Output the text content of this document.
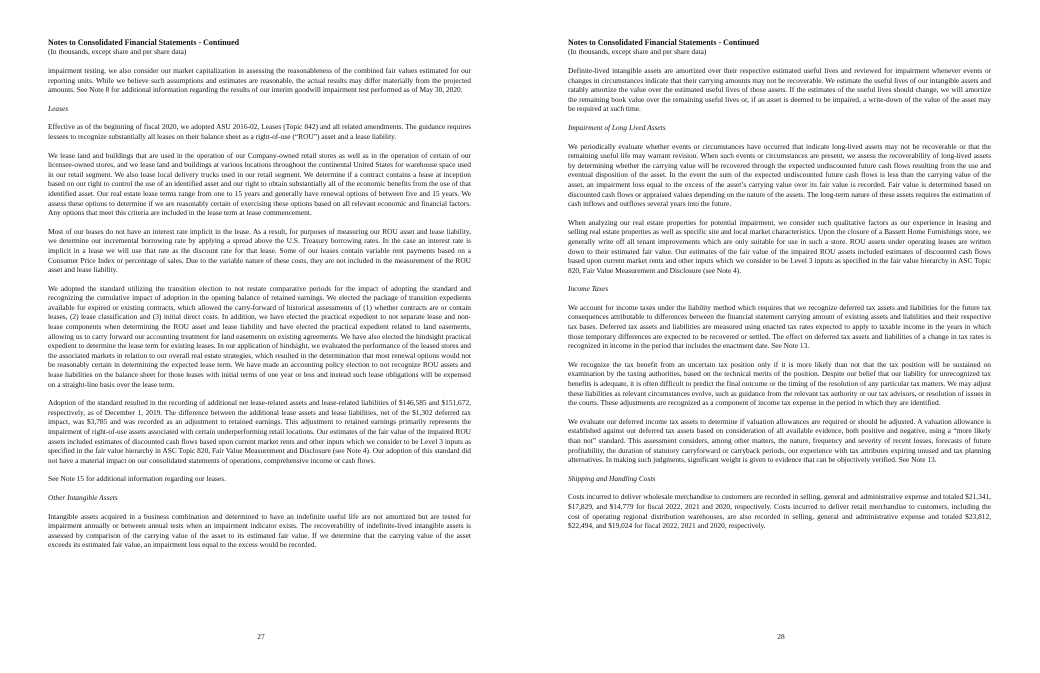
Notes to Consolidated Financial Statements - Continued

(In thousands, except share and per share data)

impairment testing, we also consider our market capitalization in assessing the reasonableness of the combined fair values estimated for our reporting units. While we believe such assumptions and estimates are reasonable, the actual results may differ materially from the projected amounts. See Note 8 for additional information regarding the results of our interim goodwill impairment test performed as of May 30, 2020.

Leases

Effective as of the beginning of fiscal 2020, we adopted ASU 2016-02, Leases (Topic 842) and all related amendments. The guidance requires lessees to recognize substantially all leases on their balance sheet as a right-of-use (“ROU”) asset and a lease liability.

We lease land and buildings that are used in the operation of our Company-owned retail stores as well as in the operation of certain of our licensee-owned stores, and we lease land and buildings at various locations throughout the continental United States for warehouse space used in our retail segment. We also lease local delivery trucks used in our retail segment. We determine if a contract contains a lease at inception based on our right to control the use of an identified asset and our right to obtain substantially all of the economic benefits from the use of that identified asset. Our real estate lease terms range from one to 15 years and generally have renewal options of between five and 15 years. We assess these options to determine if we are reasonably certain of exercising these options based on all relevant economic and financial factors. Any options that meet this criteria are included in the lease term at lease commencement.

Most of our leases do not have an interest rate implicit in the lease. As a result, for purposes of measuring our ROU asset and lease liability, we determine our incremental borrowing rate by applying a spread above the U.S. Treasury borrowing rates. In the case an interest rate is implicit in a lease we will use that rate as the discount rate for that lease. Some of our leases contain variable rent payments based on a Consumer Price Index or percentage of sales. Due to the variable nature of these costs, they are not included in the measurement of the ROU asset and lease liability.

We adopted the standard utilizing the transition election to not restate comparative periods for the impact of adopting the standard and recognizing the cumulative impact of adoption in the opening balance of retained earnings. We elected the package of transition expedients available for expired or existing contracts, which allowed the carry-forward of historical assessments of (1) whether contracts are or contain leases, (2) lease classification and (3) initial direct costs. In addition, we have elected the practical expedient to not separate lease and non-lease components when determining the ROU asset and lease liability and have elected the practical expedient related to land easements, allowing us to carry forward our accounting treatment for land easements on existing agreements. We have also elected the hindsight practical expedient to determine the lease term for existing leases. In our application of hindsight, we evaluated the performance of the leased stores and the associated markets in relation to our overall real estate strategies, which resulted in the determination that most renewal options would not be reasonably certain in determining the expected lease term. We have made an accounting policy election to not recognize ROU assets and lease liabilities on the balance sheet for those leases with initial terms of one year or less and instead such lease obligations will be expensed on a straight-line basis over the lease term.

Adoption of the standard resulted in the recording of additional net lease-related assets and lease-related liabilities of $146,585 and $151,672, respectively, as of December 1, 2019. The difference between the additional lease assets and lease liabilities, net of the $1,302 deferred tax impact, was $3,785 and was recorded as an adjustment to retained earnings. This adjustment to retained earnings primarily represents the impairment of right-of-use assets associated with certain underperforming retail locations. Our estimates of the fair value of the impaired ROU assets included estimates of discounted cash flows based upon current market rents and other inputs which we consider to be Level 3 inputs as specified in the fair value hierarchy in ASC Topic 820, Fair Value Measurement and Disclosure (see Note 4). Our adoption of this standard did not have a material impact on our consolidated statements of operations, comprehensive income or cash flows.

See Note 15 for additional information regarding our leases.

Other Intangible Assets

Intangible assets acquired in a business combination and determined to have an indefinite useful life are not amortized but are tested for impairment annually or between annual tests when an impairment indicator exists. The recoverability of indefinite-lived intangible assets is assessed by comparison of the carrying value of the asset to its estimated fair value. If we determine that the carrying value of the asset exceeds its estimated fair value, an impairment loss equal to the excess would be recorded.

27

Notes to Consolidated Financial Statements - Continued

(In thousands, except share and per share data)

Definite-lived intangible assets are amortized over their respective estimated useful lives and reviewed for impairment whenever events or changes in circumstances indicate that their carrying amounts may not be recoverable. We estimate the useful lives of our intangible assets and ratably amortize the value over the estimated useful lives of those assets. If the estimates of the useful lives should change, we will amortize the remaining book value over the remaining useful lives or, if an asset is deemed to be impaired, a write-down of the value of the asset may be required at such time.

Impairment of Long Lived Assets

We periodically evaluate whether events or circumstances have occurred that indicate long-lived assets may not be recoverable or that the remaining useful life may warrant revision. When such events or circumstances are present, we assess the recoverability of long-lived assets by determining whether the carrying value will be recovered through the expected undiscounted future cash flows resulting from the use and eventual disposition of the asset. In the event the sum of the expected undiscounted future cash flows is less than the carrying value of the asset, an impairment loss equal to the excess of the asset’s carrying value over its fair value is recorded. Fair value is determined based on discounted cash flows or appraised values depending on the nature of the assets. The long-term nature of these assets requires the estimation of cash inflows and outflows several years into the future.

When analyzing our real estate properties for potential impairment, we consider such qualitative factors as our experience in leasing and selling real estate properties as well as specific site and local market characteristics. Upon the closure of a Bassett Home Furnishings store, we generally write off all tenant improvements which are only suitable for use in such a store. ROU assets under operating leases are written down to their estimated fair value. Our estimates of the fair value of the impaired ROU assets included estimates of discounted cash flows based upon current market rents and other inputs which we consider to be Level 3 inputs as specified in the fair value hierarchy in ASC Topic 820, Fair Value Measurement and Disclosure (see Note 4).

Income Taxes

We account for income taxes under the liability method which requires that we recognize deferred tax assets and liabilities for the future tax consequences attributable to differences between the financial statement carrying amount of existing assets and liabilities and their respective tax bases. Deferred tax assets and liabilities are measured using enacted tax rates expected to apply to taxable income in the years in which those temporary differences are expected to be recovered or settled. The effect on deferred tax assets and liabilities of a change in tax rates is recognized in income in the period that includes the enactment date. See Note 13.

We recognize the tax benefit from an uncertain tax position only if it is more likely than not that the tax position will be sustained on examination by the taxing authorities, based on the technical merits of the position. Despite our belief that our liability for unrecognized tax benefits is adequate, it is often difficult to predict the final outcome or the timing of the resolution of any particular tax matters. We may adjust these liabilities as relevant circumstances evolve, such as guidance from the relevant tax authority or our tax advisors, or resolution of issues in the courts. These adjustments are recognized as a component of income tax expense in the period in which they are identified.

We evaluate our deferred income tax assets to determine if valuation allowances are required or should be adjusted. A valuation allowance is established against our deferred tax assets based on consideration of all available evidence, both positive and negative, using a “more likely than not” standard. This assessment considers, among other matters, the nature, frequency and severity of recent losses, forecasts of future profitability, the duration of statutory carryforward or carryback periods, our experience with tax attributes expiring unused and tax planning alternatives. In making such judgments, significant weight is given to evidence that can be objectively verified. See Note 13.

Shipping and Handling Costs

Costs incurred to deliver wholesale merchandise to customers are recorded in selling, general and administrative expense and totaled $21,341, $17,829, and $14,779 for fiscal 2022, 2021 and 2020, respectively. Costs incurred to deliver retail merchandise to customers, including the cost of operating regional distribution warehouses, are also recorded in selling, general and administrative expense and totaled $23,812, $22,494, and $19,024 for fiscal 2022, 2021 and 2020, respectively.

28
